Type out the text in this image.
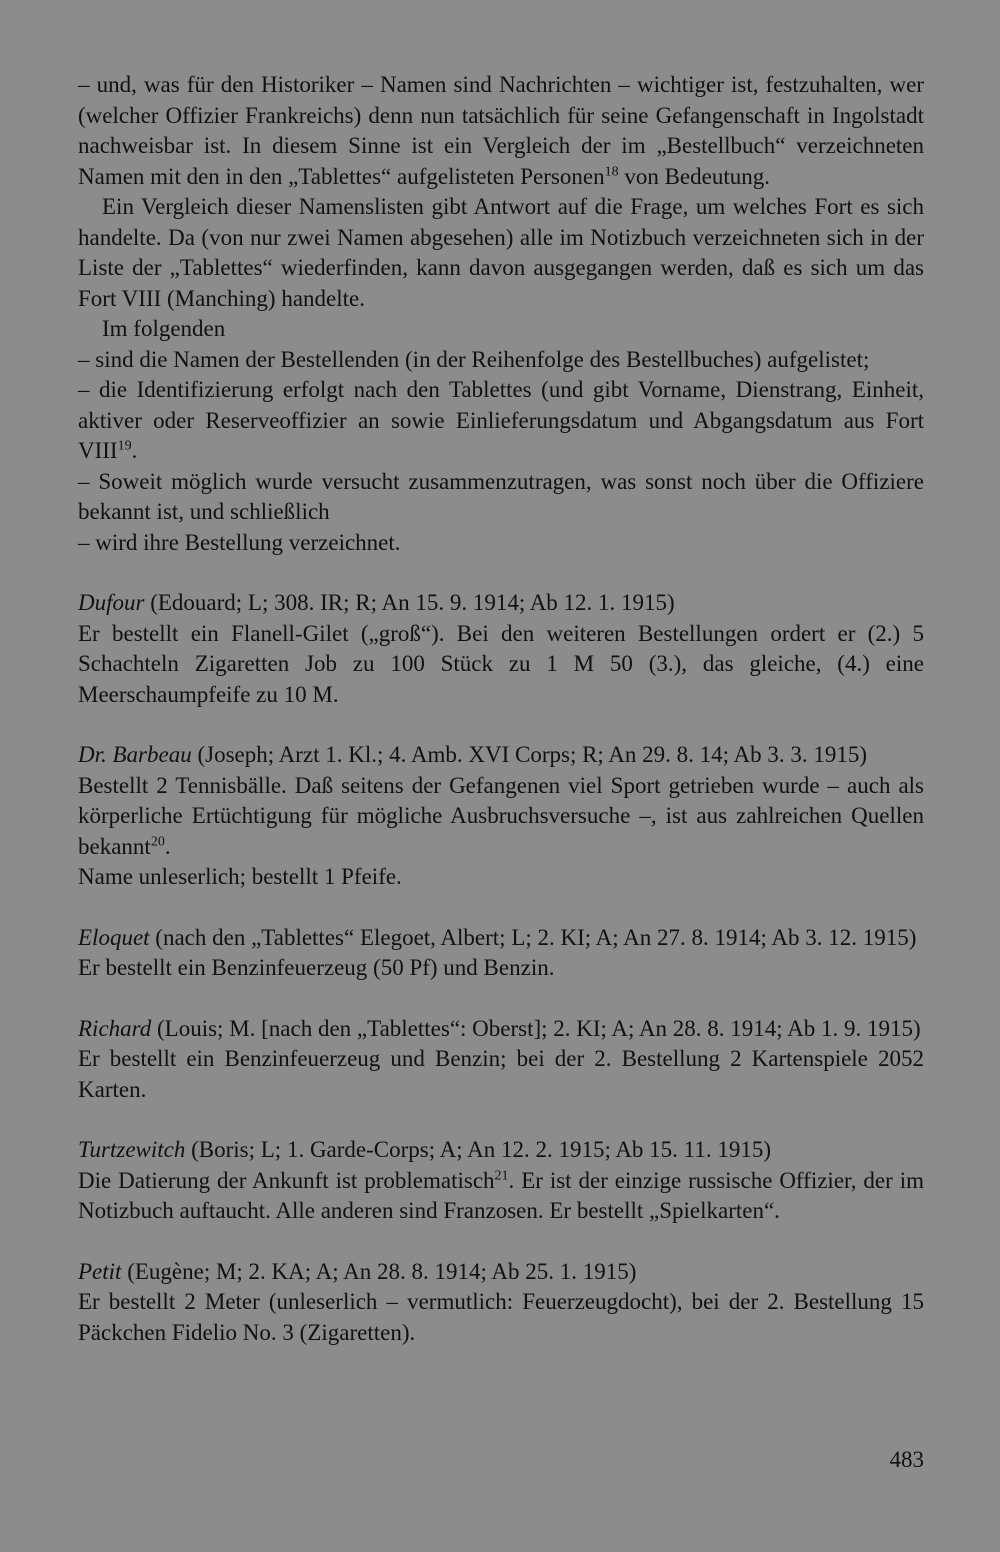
– und, was für den Historiker – Namen sind Nachrichten – wichtiger ist, festzuhalten, wer (welcher Offizier Frankreichs) denn nun tatsächlich für seine Gefangenschaft in Ingolstadt nachweisbar ist. In diesem Sinne ist ein Vergleich der im „Bestellbuch“ verzeichneten Namen mit den in den „Tablettes“ aufgelisteten Personen$^{18}$ von Bedeutung.

Ein Vergleich dieser Namenslisten gibt Antwort auf die Frage, um welches Fort es sich handelte. Da (von nur zwei Namen abgesehen) alle im Notizbuch verzeichneten sich in der Liste der „Tablettes“ wiederfinden, kann davon ausgegangen werden, daß es sich um das Fort VIII (Manching) handelte.

Im folgenden

– sind die Namen der Bestellenden (in der Reihenfolge des Bestellbuches) aufgelistet;

– die Identifizierung erfolgt nach den Tablettes (und gibt Vorname, Dienstrang, Einheit, aktiver oder Reserveoffizier an sowie Einlieferungsdatum und Abgangsdatum aus Fort VIII$^{19}$.

– Soweit möglich wurde versucht zusammenzutragen, was sonst noch über die Offiziere bekannt ist, und schließlich

– wird ihre Bestellung verzeichnet.

Dufour (Edouard; L; 308. IR; R; An 15. 9. 1914; Ab 12. 1. 1915)

Er bestellt ein Flanell-Gilet („groß“). Bei den weiteren Bestellungen ordert er (2.) 5 Schachteln Zigaretten Job zu 100 Stück zu 1 M 50 (3.), das gleiche, (4.) eine Meerschaumpfeife zu 10 M.

Dr. Barbeau (Joseph; Arzt 1. Kl.; 4. Amb. XVI Corps; R; An 29. 8. 14; Ab 3. 3. 1915)

Bestellt 2 Tennisbälle. Daß seitens der Gefangenen viel Sport getrieben wurde – auch als körperliche Ertüchtigung für mögliche Ausbruchsversuche –, ist aus zahlreichen Quellen bekannt$^{20}$.

Name unleserlich; bestellt 1 Pfeife.

Eloquet (nach den „Tablettes“ Elegoet, Albert; L; 2. KI; A; An 27. 8. 1914; Ab 3. 12. 1915)

Er bestellt ein Benzinfeuerzeug (50 Pf) und Benzin.

Richard (Louis; M. [nach den „Tablettes“: Oberst]; 2. KI; A; An 28. 8. 1914; Ab 1. 9. 1915)

Er bestellt ein Benzinfeuerzeug und Benzin; bei der 2. Bestellung 2 Kartenspiele 2052 Karten.

Turtzewitch (Boris; L; 1. Garde-Corps; A; An 12. 2. 1915; Ab 15. 11. 1915)

Die Datierung der Ankunft ist problematisch$^{21}$. Er ist der einzige russische Offizier, der im Notizbuch auftaucht. Alle anderen sind Franzosen. Er bestellt „Spielkarten“.

Petit (Eugène; M; 2. KA; A; An 28. 8. 1914; Ab 25. 1. 1915)

Er bestellt 2 Meter (unleserlich – vermutlich: Feuerzeugdocht), bei der 2. Bestellung 15 Päckchen Fidelio No. 3 (Zigaretten).

483
